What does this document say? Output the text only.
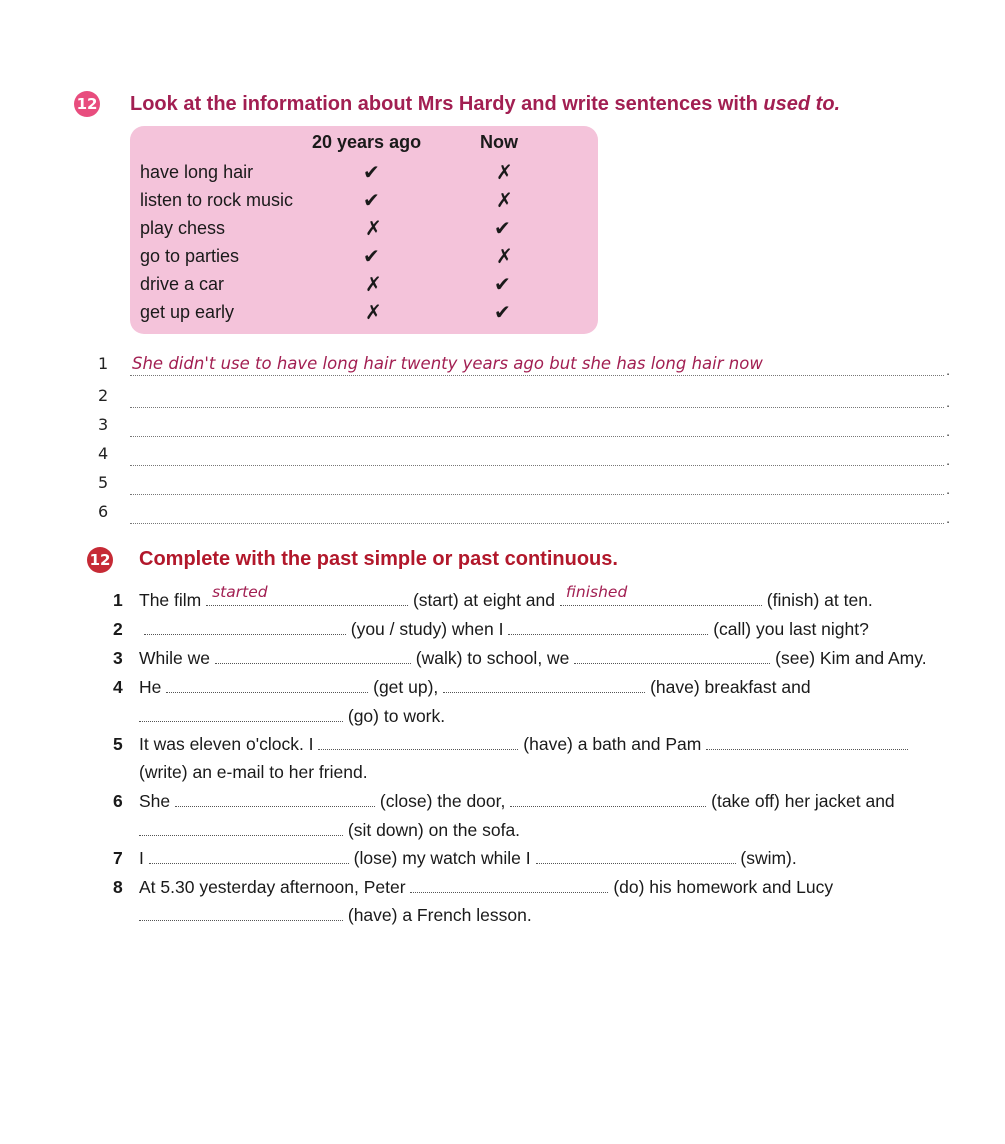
12 Look at the information about Mrs Hardy and write sentences with used to.
20 years ago	Now
have long hair	✔	✗
listen to rock music	✔	✗
play chess	✗	✔
go to parties	✔	✗
drive a car	✗	✔
get up early	✗	✔
1 She didn't use to have long hair twenty years ago but she has long hair now	.
2	.
3	.
4	.
5	.
6	.
12 Complete with the past simple or past continuous.
1 The film started	(start) at eight and finished	(finish) at ten.
2	(you / study) when I	(call) you last night?
3 While we	(walk) to school, we	(see) Kim and Amy.
4 He	(get up),	(have) breakfast and
(go) to work.
5 It was eleven o'clock. I	(have) a bath and Pam
(write) an e-mail to her friend.
6 She	(close) the door,	(take off) her jacket and
(sit down) on the sofa.
7 I	(lose) my watch while I	(swim).
8 At 5.30 yesterday afternoon, Peter	(do) his homework and Lucy
(have) a French lesson.
